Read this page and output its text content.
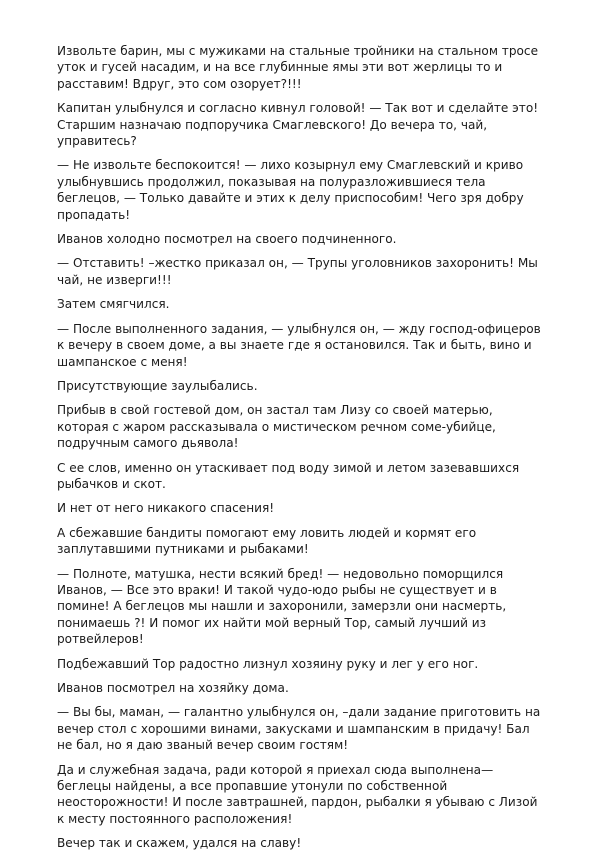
Извольте барин, мы с мужиками на стальные тройники на стальном тросе уток и гусей насадим, и на все глубинные ямы эти вот жерлицы то и расставим! Вдруг, это сом озорует?!!!

Капитан улыбнулся и согласно кивнул головой! — Так вот и сделайте это! Старшим назначаю подпоручика Смаглевского! До вечера то, чай, управитесь?

— Не извольте беспокоится! — лихо козырнул ему Смаглевский и криво улыбнувшись продолжил, показывая на полуразложившиеся тела беглецов, — Только давайте и этих к делу приспособим! Чего зря добру пропадать!

Иванов холодно посмотрел на своего подчиненного.

— Отставить! –жестко приказал он, — Трупы уголовников захоронить! Мы чай, не изверги!!!

Затем смягчился.

— После выполненного задания, — улыбнулся он, — жду господ-офицеров к вечеру в своем доме, а вы знаете где я остановился. Так и быть, вино и шампанское с меня!

Присутствующие заулыбались.

Прибыв в свой гостевой дом, он застал там Лизу со своей матерью, которая с жаром рассказывала о мистическом речном соме-убийце, подручным самого дьявола!

С ее слов, именно он утаскивает под воду зимой и летом зазевавшихся рыбачков и скот.

И нет от него никакого спасения!

А сбежавшие бандиты помогают ему ловить людей и кормят его заплутавшими путниками и рыбаками!

— Полноте, матушка, нести всякий бред! — недовольно поморщился Иванов, — Все это враки! И такой чудо-юдо рыбы не существует и в помине! А беглецов мы нашли и захоронили, замерзли они насмерть, понимаешь ?! И помог их найти мой верный Тор, самый лучший из ротвейлеров!

Подбежавший Тор радостно лизнул хозяину руку и лег у его ног.

Иванов посмотрел на хозяйку дома.

— Вы бы, маман, — галантно улыбнулся он, –дали задание приготовить на вечер стол с хорошими винами, закусками и шампанским в придачу! Бал не бал, но я даю званый вечер своим гостям!

Да и служебная задача, ради которой я приехал сюда выполнена— беглецы найдены, а все пропавшие утонули по собственной неосторожности! И после завтрашней, пардон, рыбалки я убываю с Лизой к месту постоянного расположения!

Вечер так и скажем, удался на славу!
